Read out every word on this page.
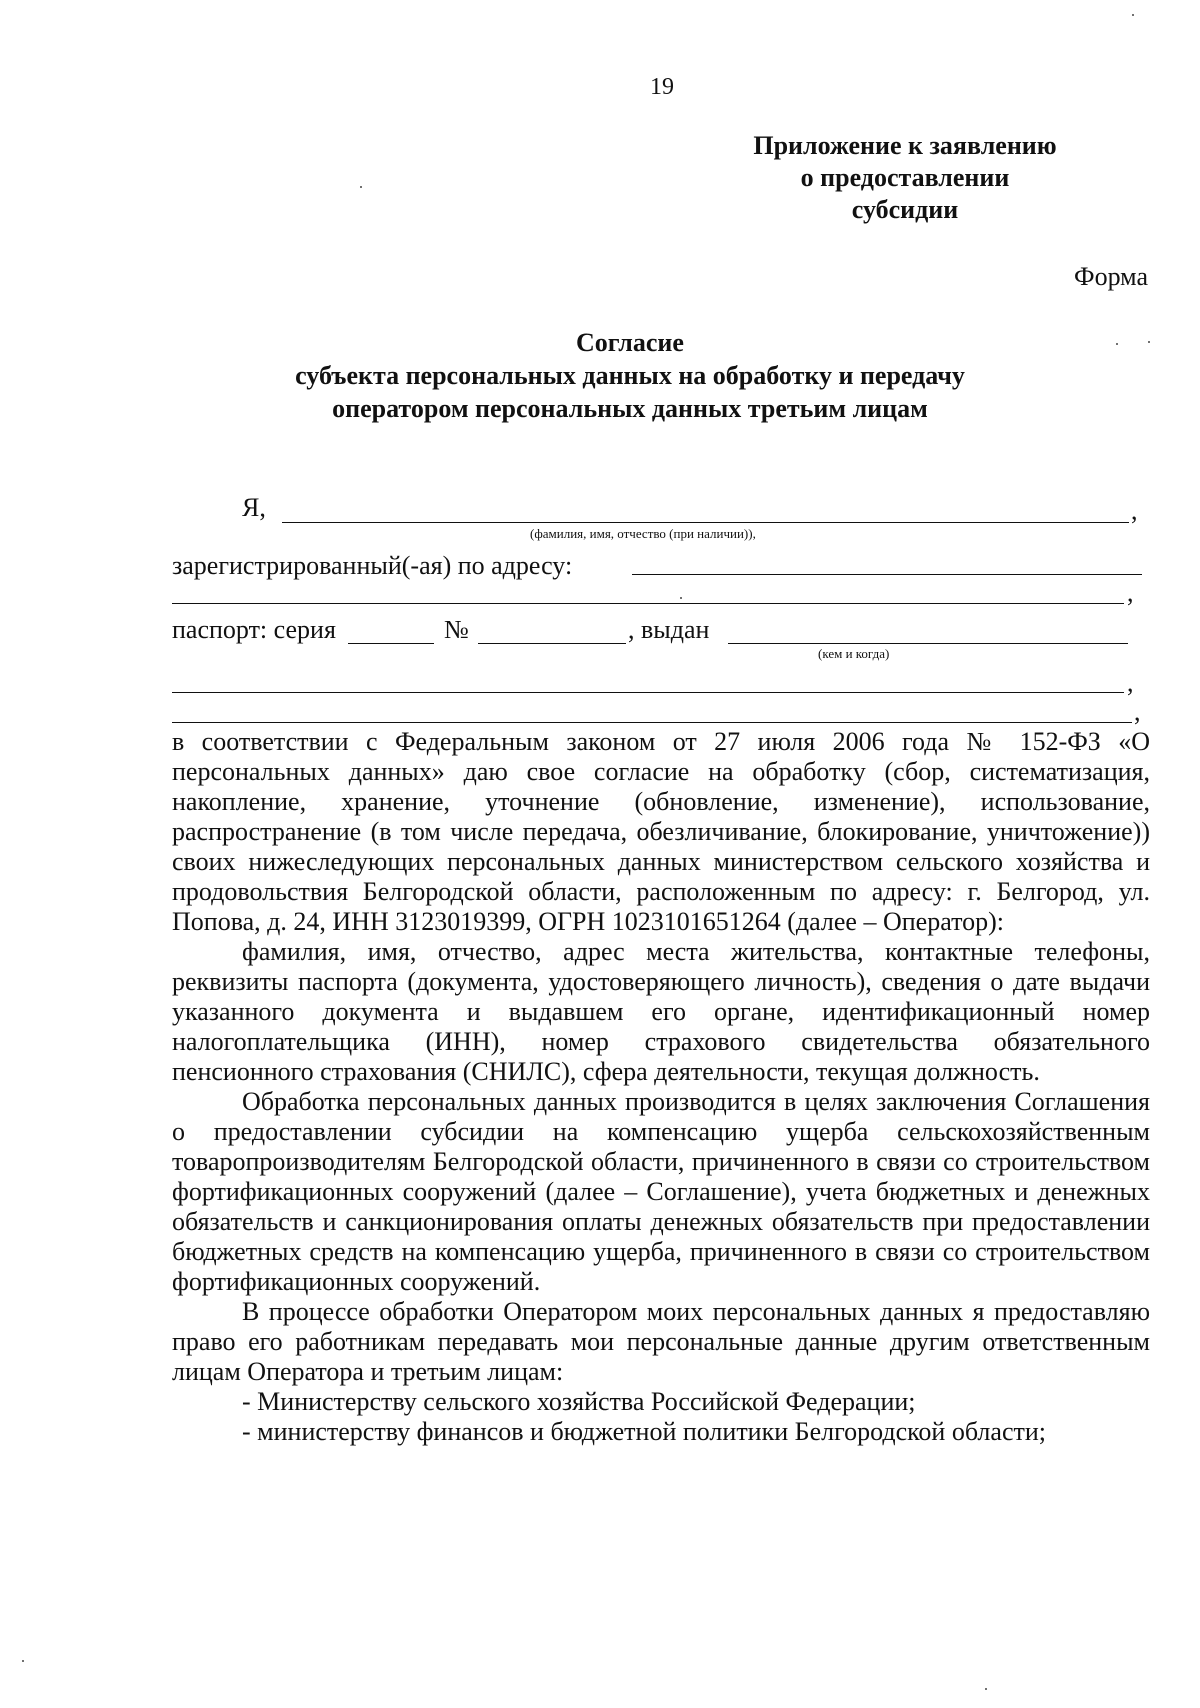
19
Приложение к заявлению
о предоставлении
субсидии
Форма
Согласие
субъекта персональных данных на обработку и передачу
оператором персональных данных третьим лицам
Я,	,
(фамилия, имя, отчество (при наличии)),
зарегистрированный(-ая) по адресу:
,
паспорт: серия	№	, выдан
(кем и когда)
,
,

в соответствии с Федеральным законом от 27 июля 2006 года № 152-ФЗ «О персональных данных» даю свое согласие на обработку (сбор, систематизация, накопление, хранение, уточнение (обновление, изменение), использование, распространение (в том числе передача, обезличивание, блокирование, уничтожение)) своих нижеследующих персональных данных министерством сельского хозяйства и продовольствия Белгородской области, расположенным по адресу: г. Белгород, ул. Попова, д. 24, ИНН 3123019399, ОГРН 1023101651264 (далее – Оператор):

фамилия, имя, отчество, адрес места жительства, контактные телефоны, реквизиты паспорта (документа, удостоверяющего личность), сведения о дате выдачи указанного документа и выдавшем его органе, идентификационный номер налогоплательщика (ИНН), номер страхового свидетельства обязательного пенсионного страхования (СНИЛС), сфера деятельности, текущая должность.

Обработка персональных данных производится в целях заключения Соглашения о предоставлении субсидии на компенсацию ущерба сельскохозяйственным товаропроизводителям Белгородской области, причиненного в связи со строительством фортификационных сооружений (далее – Соглашение), учета бюджетных и денежных обязательств и санкционирования оплаты денежных обязательств при предоставлении бюджетных средств на компенсацию ущерба, причиненного в связи со строительством фортификационных сооружений.

В процессе обработки Оператором моих персональных данных я предоставляю право его работникам передавать мои персональные данные другим ответственным лицам Оператора и третьим лицам:

- Министерству сельского хозяйства Российской Федерации;

- министерству финансов и бюджетной политики Белгородской области;
